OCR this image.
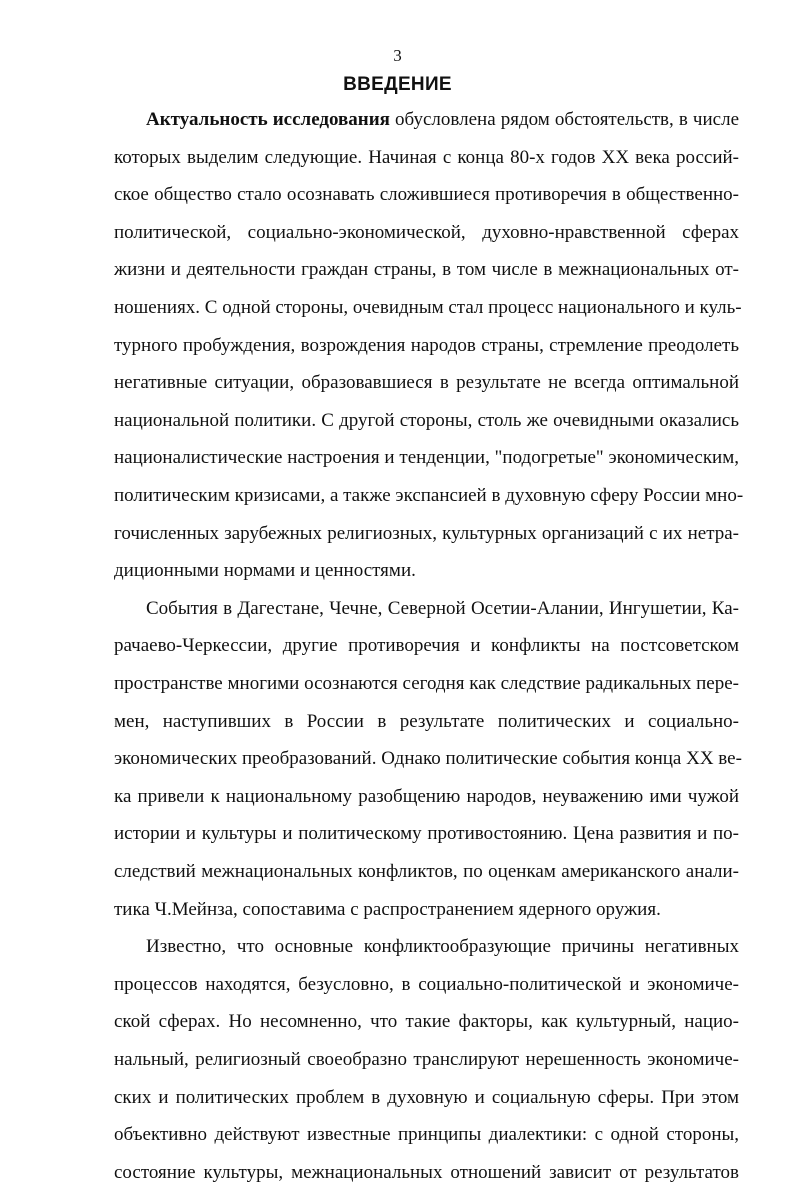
3
ВВЕДЕНИЕ
Актуальность исследования обусловлена рядом обстоятельств, в числе
которых выделим следующие. Начиная с конца 80-х годов XX века россий-
ское общество стало осознавать сложившиеся противоречия в общественно-
политической, социально-экономической, духовно-нравственной сферах
жизни и деятельности граждан страны, в том числе в межнациональных от-
ношениях. С одной стороны, очевидным стал процесс национального и куль-
турного пробуждения, возрождения народов страны, стремление преодолеть
негативные ситуации, образовавшиеся в результате не всегда оптимальной
национальной политики. С другой стороны, столь же очевидными оказались
националистические настроения и тенденции, "подогретые" экономическим,
политическим кризисами, а также экспансией в духовную сферу России мно-
гочисленных зарубежных религиозных, культурных организаций с их нетра-
диционными нормами и ценностями.
События в Дагестане, Чечне, Северной Осетии-Алании, Ингушетии, Ка-
рачаево-Черкессии, другие противоречия и конфликты на постсоветском
пространстве многими осознаются сегодня как следствие радикальных пере-
мен, наступивших в России в результате политических и социально-
экономических преобразований. Однако политические события конца XX ве-
ка привели к национальному разобщению народов, неуважению ими чужой
истории и культуры и политическому противостоянию. Цена развития и по-
следствий межнациональных конфликтов, по оценкам американского анали-
тика Ч.Мейнза, сопоставима с распространением ядерного оружия.
Известно, что основные конфликтообразующие причины негативных
процессов находятся, безусловно, в социально-политической и экономиче-
ской сферах. Но несомненно, что такие факторы, как культурный, нацио-
нальный, религиозный своеобразно транслируют нерешенность экономиче-
ских и политических проблем в духовную и социальную сферы. При этом
объективно действуют известные принципы диалектики: с одной стороны,
состояние культуры, межнациональных отношений зависит от результатов
